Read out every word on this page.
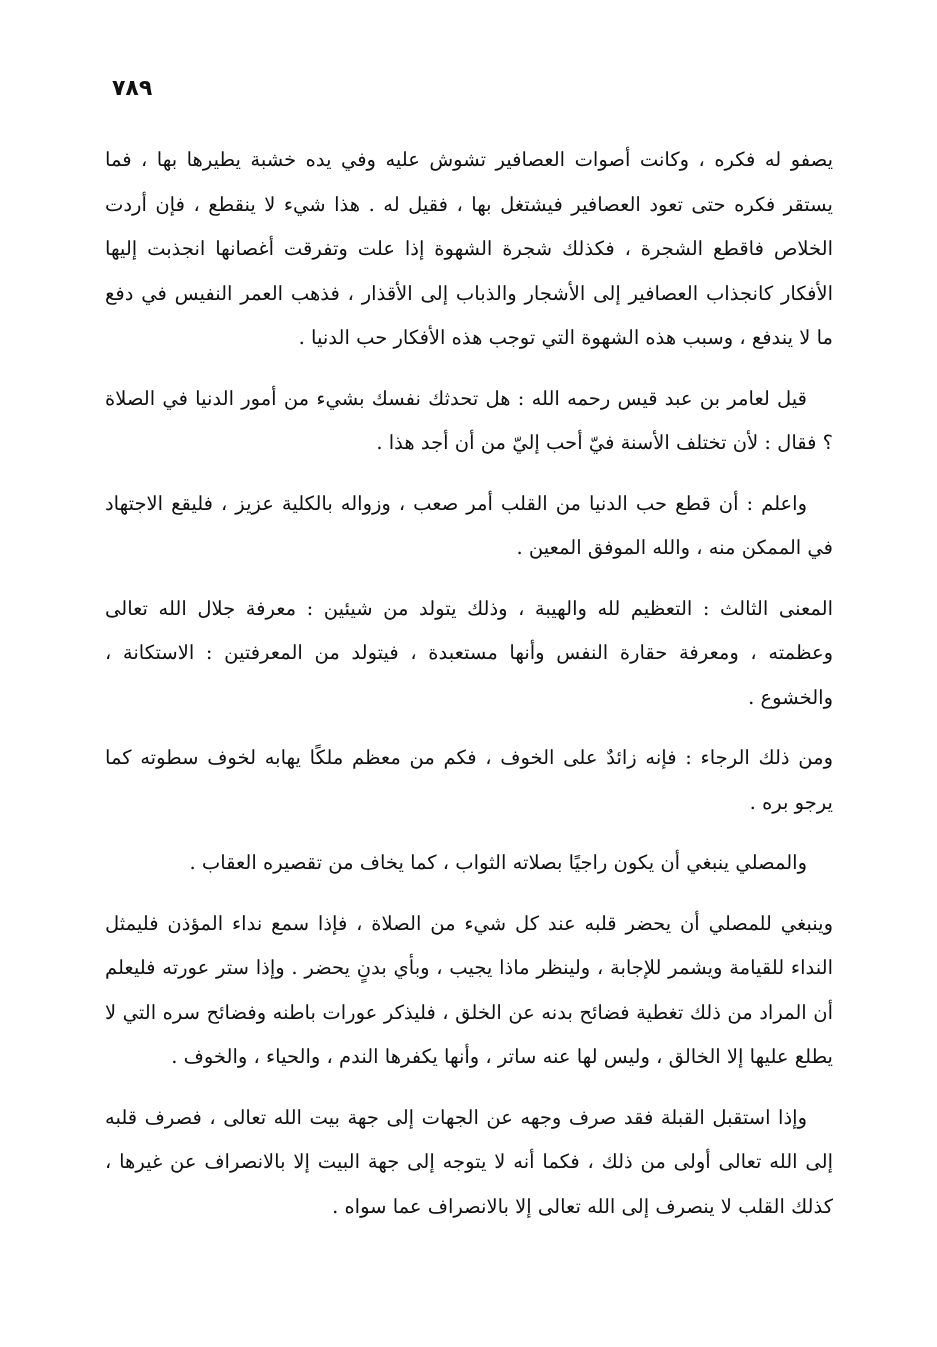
٧٨٩

يصفو له فكره ، وكانت أصوات العصافير تشوش عليه وفي يده خشبة يطيرها بها ، فما يستقر فكره حتى تعود العصافير فيشتغل بها ، فقيل له . هذا شيء لا ينقطع ، فإن أردت الخلاص فاقطع الشجرة ، فكذلك شجرة الشهوة إذا علت وتفرقت أغصانها انجذبت إليها الأفكار كانجذاب العصافير إلى الأشجار والذباب إلى الأقذار ، فذهب العمر النفيس في دفع ما لا يندفع ، وسبب هذه الشهوة التي توجب هذه الأفكار حب الدنيا .

قيل لعامر بن عبد قيس رحمه الله : هل تحدثك نفسك بشيء من أمور الدنيا في الصلاة ؟ فقال : لأن تختلف الأسنة فيّ أحب إليّ من أن أجد هذا .

واعلم : أن قطع حب الدنيا من القلب أمر صعب ، وزواله بالكلية عزيز ، فليقع الاجتهاد في الممكن منه ، والله الموفق المعين .

المعنى الثالث : التعظيم لله والهيبة ، وذلك يتولد من شيئين : معرفة جلال الله تعالى وعظمته ، ومعرفة حقارة النفس وأنها مستعبدة ، فيتولد من المعرفتين : الاستكانة ، والخشوع .

ومن ذلك الرجاء : فإنه زائدٌ على الخوف ، فكم من معظم ملكًا يهابه لخوف سطوته كما يرجو بره .

والمصلي ينبغي أن يكون راجيًا بصلاته الثواب ، كما يخاف من تقصيره العقاب .

وينبغي للمصلي أن يحضر قلبه عند كل شيء من الصلاة ، فإذا سمع نداء المؤذن فليمثل النداء للقيامة ويشمر للإجابة ، ولينظر ماذا يجيب ، وبأي بدنٍ يحضر . وإذا ستر عورته فليعلم أن المراد من ذلك تغطية فضائح بدنه عن الخلق ، فليذكر عورات باطنه وفضائح سره التي لا يطلع عليها إلا الخالق ، وليس لها عنه ساتر ، وأنها يكفرها الندم ، والحياء ، والخوف .

وإذا استقبل القبلة فقد صرف وجهه عن الجهات إلى جهة بيت الله تعالى ، فصرف قلبه إلى الله تعالى أولى من ذلك ، فكما أنه لا يتوجه إلى جهة البيت إلا بالانصراف عن غيرها ، كذلك القلب لا ينصرف إلى الله تعالى إلا بالانصراف عما سواه .
